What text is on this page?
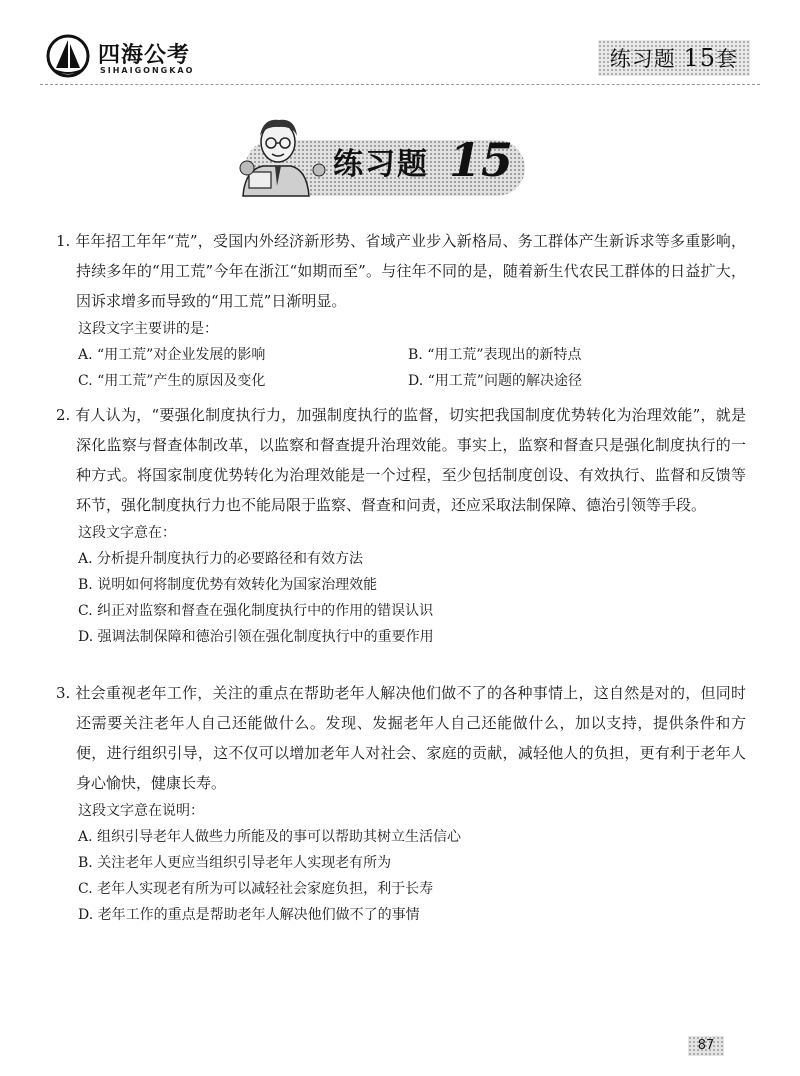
四海公考
SIHAIGONGKAO	练习题 15套
练习题 15
1. 年年招工年年“荒”，受国内外经济新形势、省域产业步入新格局、务工群体产生新诉求等多重影响，持续多年的“用工荒”今年在浙江“如期而至”。与往年不同的是，随着新生代农民工群体的日益扩大，因诉求增多而导致的“用工荒”日渐明显。
这段文字主要讲的是：
A. “用工荒”对企业发展的影响	B. “用工荒”表现出的新特点
C. “用工荒”产生的原因及变化	D. “用工荒”问题的解决途径
2. 有人认为，“要强化制度执行力，加强制度执行的监督，切实把我国制度优势转化为治理效能”，就是深化监察与督查体制改革，以监察和督查提升治理效能。事实上，监察和督查只是强化制度执行的一种方式。将国家制度优势转化为治理效能是一个过程，至少包括制度创设、有效执行、监督和反馈等环节，强化制度执行力也不能局限于监察、督查和问责，还应采取法制保障、德治引领等手段。
这段文字意在：
A. 分析提升制度执行力的必要路径和有效方法
B. 说明如何将制度优势有效转化为国家治理效能
C. 纠正对监察和督查在强化制度执行中的作用的错误认识
D. 强调法制保障和德治引领在强化制度执行中的重要作用
3. 社会重视老年工作，关注的重点在帮助老年人解决他们做不了的各种事情上，这自然是对的，但同时还需要关注老年人自己还能做什么。发现、发掘老年人自己还能做什么，加以支持，提供条件和方便，进行组织引导，这不仅可以增加老年人对社会、家庭的贡献，减轻他人的负担，更有利于老年人身心愉快，健康长寿。
这段文字意在说明：
A. 组织引导老年人做些力所能及的事可以帮助其树立生活信心
B. 关注老年人更应当组织引导老年人实现老有所为
C. 老年人实现老有所为可以减轻社会家庭负担，利于长寿
D. 老年工作的重点是帮助老年人解决他们做不了的事情
87
